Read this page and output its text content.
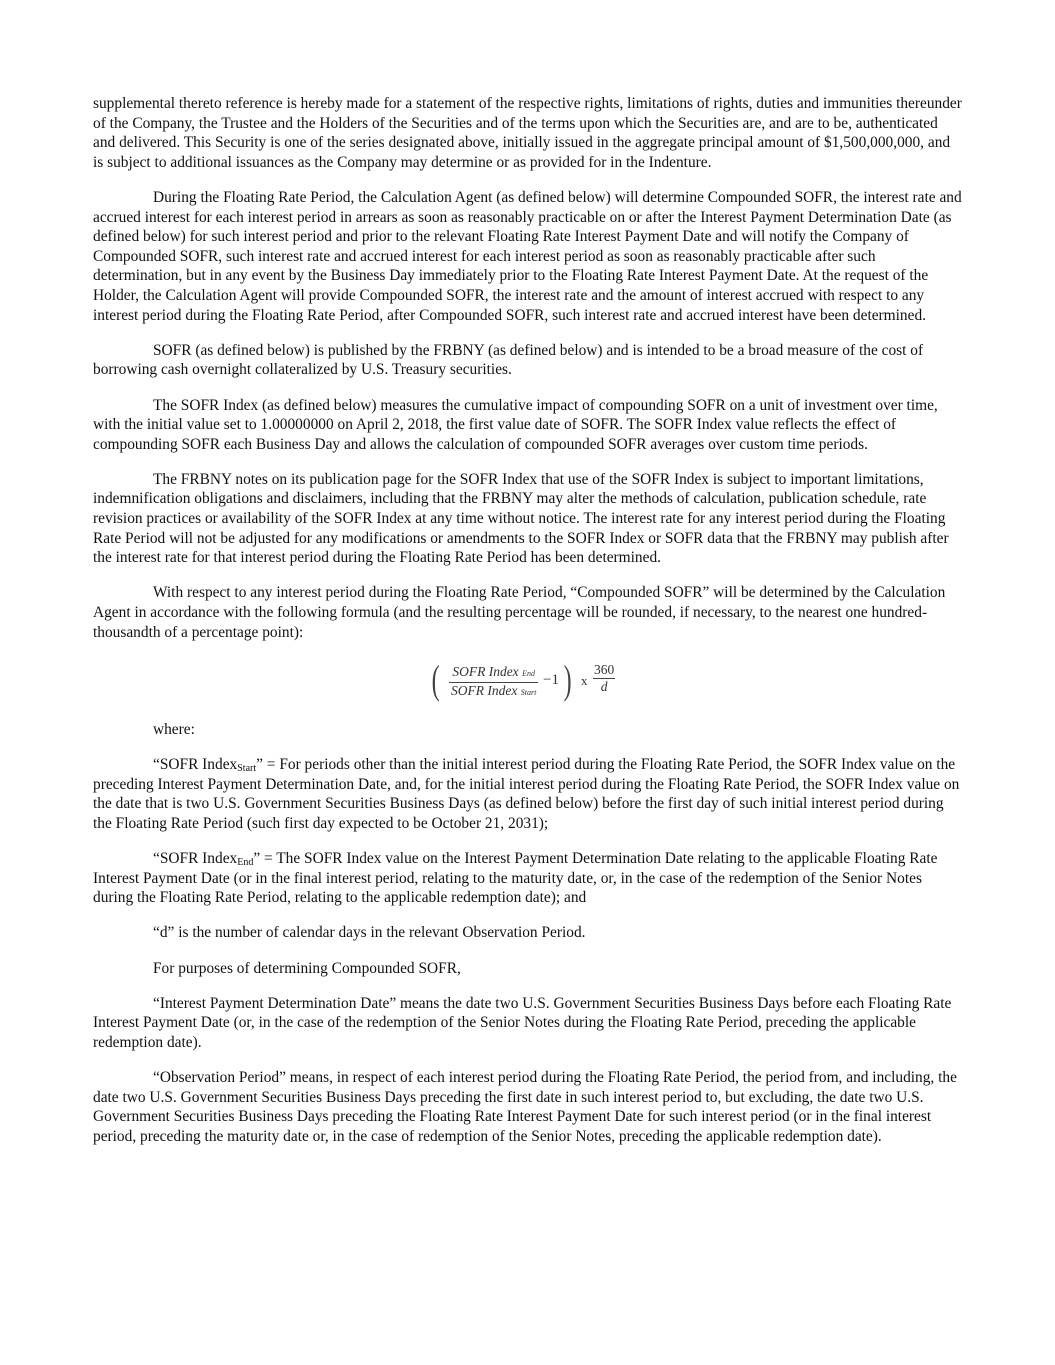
supplemental thereto reference is hereby made for a statement of the respective rights, limitations of rights, duties and immunities thereunder of the Company, the Trustee and the Holders of the Securities and of the terms upon which the Securities are, and are to be, authenticated and delivered. This Security is one of the series designated above, initially issued in the aggregate principal amount of $1,500,000,000, and is subject to additional issuances as the Company may determine or as provided for in the Indenture.

During the Floating Rate Period, the Calculation Agent (as defined below) will determine Compounded SOFR, the interest rate and accrued interest for each interest period in arrears as soon as reasonably practicable on or after the Interest Payment Determination Date (as defined below) for such interest period and prior to the relevant Floating Rate Interest Payment Date and will notify the Company of Compounded SOFR, such interest rate and accrued interest for each interest period as soon as reasonably practicable after such determination, but in any event by the Business Day immediately prior to the Floating Rate Interest Payment Date. At the request of the Holder, the Calculation Agent will provide Compounded SOFR, the interest rate and the amount of interest accrued with respect to any interest period during the Floating Rate Period, after Compounded SOFR, such interest rate and accrued interest have been determined.

SOFR (as defined below) is published by the FRBNY (as defined below) and is intended to be a broad measure of the cost of borrowing cash overnight collateralized by U.S. Treasury securities.

The SOFR Index (as defined below) measures the cumulative impact of compounding SOFR on a unit of investment over time, with the initial value set to 1.00000000 on April 2, 2018, the first value date of SOFR. The SOFR Index value reflects the effect of compounding SOFR each Business Day and allows the calculation of compounded SOFR averages over custom time periods.

The FRBNY notes on its publication page for the SOFR Index that use of the SOFR Index is subject to important limitations, indemnification obligations and disclaimers, including that the FRBNY may alter the methods of calculation, publication schedule, rate revision practices or availability of the SOFR Index at any time without notice. The interest rate for any interest period during the Floating Rate Period will not be adjusted for any modifications or amendments to the SOFR Index or SOFR data that the FRBNY may publish after the interest rate for that interest period during the Floating Rate Period has been determined.

With respect to any interest period during the Floating Rate Period, “Compounded SOFR” will be determined by the Calculation Agent in accordance with the following formula (and the resulting percentage will be rounded, if necessary, to the nearest one hundred-thousandth of a percentage point):

( SOFR Index End
SOFR Index Start
−1 ) x $\frac{360}{d}$

where:

“SOFR Index$_{Start}$” = For periods other than the initial interest period during the Floating Rate Period, the SOFR Index value on the preceding Interest Payment Determination Date, and, for the initial interest period during the Floating Rate Period, the SOFR Index value on the date that is two U.S. Government Securities Business Days (as defined below) before the first day of such initial interest period during the Floating Rate Period (such first day expected to be October 21, 2031);

“SOFR Index$_{End}$” = The SOFR Index value on the Interest Payment Determination Date relating to the applicable Floating Rate Interest Payment Date (or in the final interest period, relating to the maturity date, or, in the case of the redemption of the Senior Notes during the Floating Rate Period, relating to the applicable redemption date); and

“d” is the number of calendar days in the relevant Observation Period.

For purposes of determining Compounded SOFR,

“Interest Payment Determination Date” means the date two U.S. Government Securities Business Days before each Floating Rate Interest Payment Date (or, in the case of the redemption of the Senior Notes during the Floating Rate Period, preceding the applicable redemption date).

“Observation Period” means, in respect of each interest period during the Floating Rate Period, the period from, and including, the date two U.S. Government Securities Business Days preceding the first date in such interest period to, but excluding, the date two U.S. Government Securities Business Days preceding the Floating Rate Interest Payment Date for such interest period (or in the final interest period, preceding the maturity date or, in the case of redemption of the Senior Notes, preceding the applicable redemption date).
